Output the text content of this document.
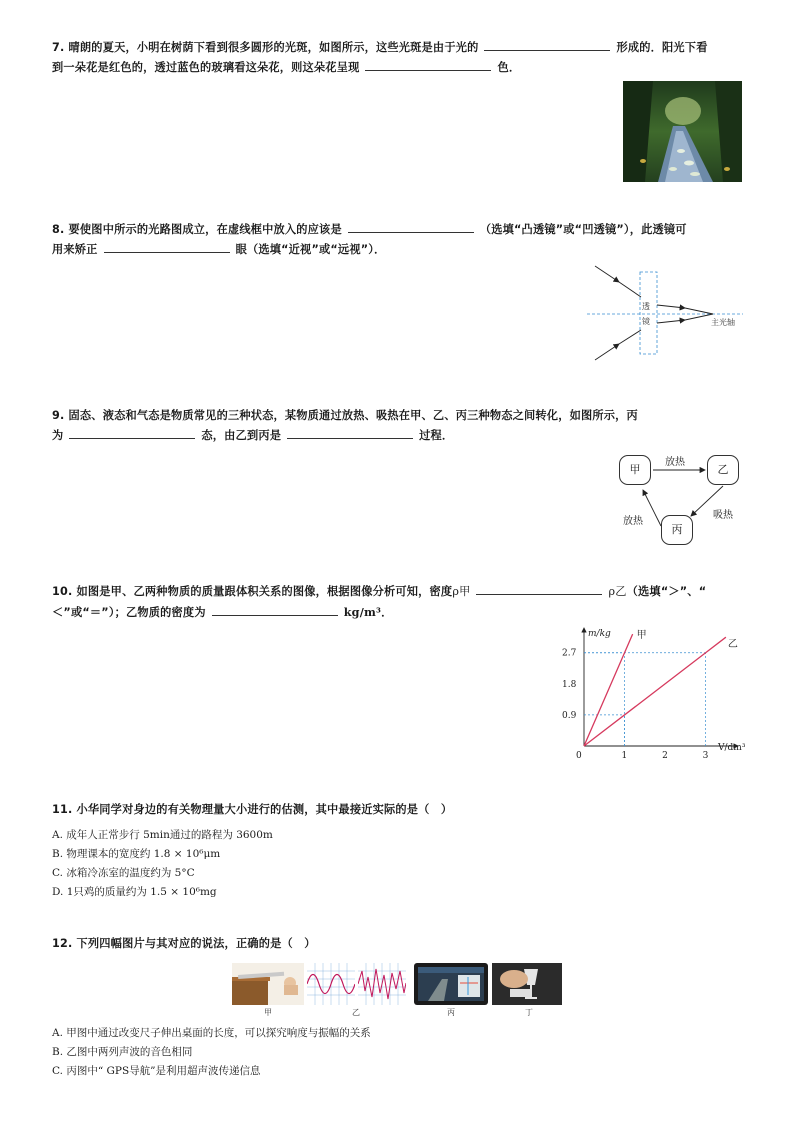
7. 晴朗的夏天，小明在树荫下看到很多圆形的光斑，如图所示，这些光斑是由于光的	形成的．阳光下看
到一朵花是红色的，透过蓝色的玻璃看这朵花，则这朵花呈现	色．
8. 要使图中所示的光路图成立，在虚线框中放入的应该是	（选填“凸透镜”或“凹透镜”），此透镜可
用来矫正	眼（选填“近视”或“远视”）．
透
镜	主光轴
9. 固态、液态和气态是物质常见的三种状态，某物质通过放热、吸热在甲、乙、丙三种物态之间转化，如图所示，丙
为	态，由乙到丙是	过程．
甲	乙
丙
放热
吸热
放热
10. 如图是甲、乙两种物质的质量跟体积关系的图像，根据图像分析可知，密度ρ甲	ρ乙（选填“＞”、“
＜”或“＝”）；乙物质的密度为	kg/m³．
0	1	2	3
0.9
1.8
2.7
m/kg
V/dm³
甲
乙
11. 小华同学对身边的有关物理量大小进行的估测，其中最接近实际的是（　）
A. 成年人正常步行 5min通过的路程为 3600m
B. 物理课本的宽度约 1.8 × 10⁶μm
C. 冰箱冷冻室的温度约为 5°C
D. 1只鸡的质量约为 1.5 × 10⁶mg
12. 下列四幅图片与其对应的说法，正确的是（　）
甲	乙	丙	丁
A. 甲图中通过改变尺子伸出桌面的长度，可以探究响度与振幅的关系
B. 乙图中两列声波的音色相同
C. 丙图中“ GPS导航”是利用超声波传递信息
